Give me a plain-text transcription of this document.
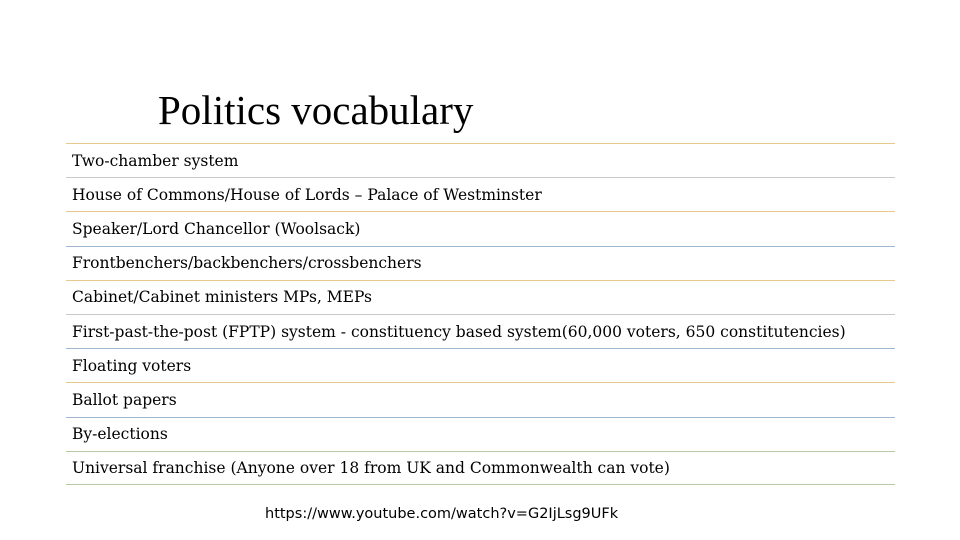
Politics vocabulary
Two-chamber system
House of Commons/House of Lords – Palace of Westminster
Speaker/Lord Chancellor (Woolsack)
Frontbenchers/backbenchers/crossbenchers
Cabinet/Cabinet ministers MPs, MEPs
First-past-the-post (FPTP) system - constituency based system(60,000 voters, 650 constitutencies)
Floating voters
Ballot papers
By-elections
Universal franchise (Anyone over 18 from UK and Commonwealth can vote)
https://www.youtube.com/watch?v=G2IjLsg9UFk
